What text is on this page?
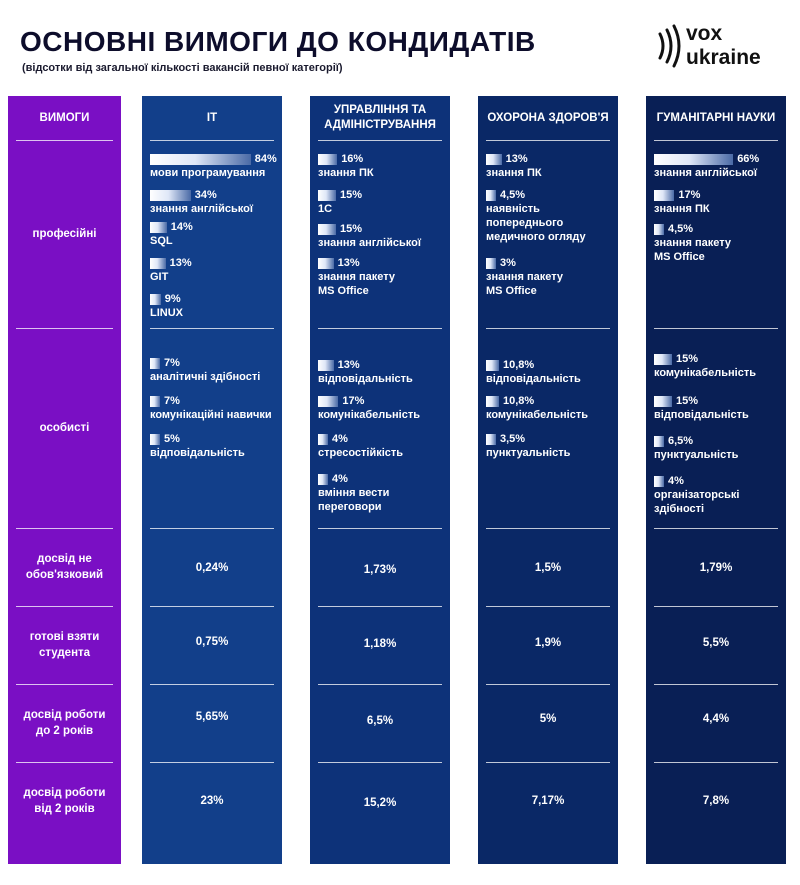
ОСНОВНІ ВИМОГИ ДО КОНДИДАТІВ
(відсотки від загальної кількості вакансій певної категорії)
vox
ukraine
ВИМОГИ
професійні
особисті
досвід не обов'язковий
готові взяти студента
досвід роботи до 2 років
досвід роботи від 2 років
IT
0,24%
0,75%
5,65%
23%
84%
мови програмування
34%
знання англійської
14%
SQL
13%
GIT
9%
LINUX
7%
аналітичні здібності
7%
комунікаційні навички
5%
відповідальність
УПРАВЛІННЯ ТА АДМІНІСТРУВАННЯ
1,73%
1,18%
6,5%
15,2%
16%
знання ПК
15%
1С
15%
знання англійської
13%
знання пакету
MS Office
13%
відповідальність
17%
комунікабельність
4%
стресостійкість
4%
вміння вести
переговори
ОХОРОНА ЗДОРОВ'Я
1,5%
1,9%
5%
7,17%
13%
знання ПК
4,5%
наявність
попереднього
медичного огляду
3%
знання пакету
MS Office
10,8%
відповідальність
10,8%
комунікабельність
3,5%
пунктуальність
ГУМАНІТАРНІ НАУКИ
1,79%
5,5%
4,4%
7,8%
66%
знання англійської
17%
знання ПК
4,5%
знання пакету
MS Office
15%
комунікабельність
15%
відповідальність
6,5%
пунктуальність
4%
організаторські
здібності
